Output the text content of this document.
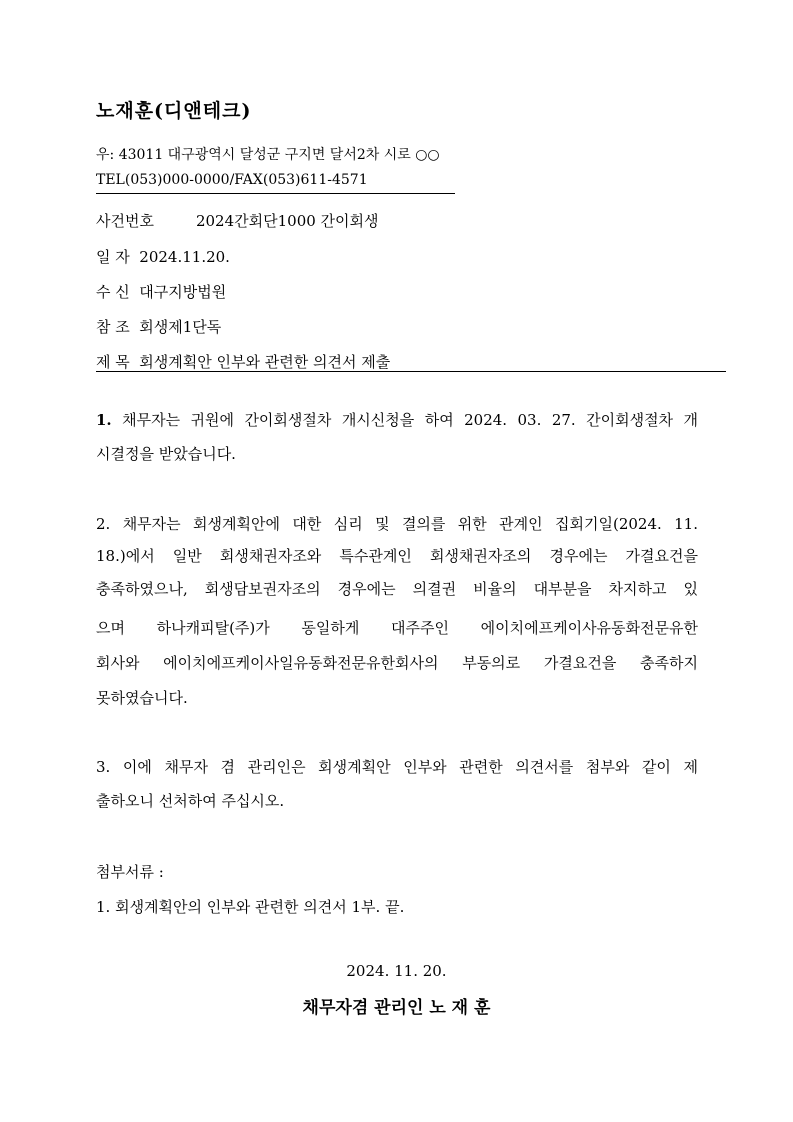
노재훈(디앤테크)
우: 43011 대구광역시 달성군 구지면 달서2차 시로 ○○
TEL(053)000-0000/FAX(053)611-4571
사건번호	2024간회단1000 간이회생
일 자 2024.11.20.
수 신 대구지방법원
참 조 회생제1단독
제 목 회생계획안 인부와 관련한 의견서 제출
1. 채무자는 귀원에 간이회생절차 개시신청을 하여 2024. 03. 27. 간이회생절차 개
시결정을 받았습니다.
2. 채무자는 회생계획안에 대한 심리 및 결의를 위한 관계인 집회기일(2024. 11.
18.)에서 일반 회생채권자조와 특수관계인 회생채권자조의 경우에는 가결요건을
충족하였으나, 회생담보권자조의 경우에는 의결권 비율의 대부분을 차지하고 있
으며 하나캐피탈(주)가 동일하게 대주주인 에이치에프케이사유동화전문유한
회사와 에이치에프케이사일유동화전문유한회사의 부동의로 가결요건을 충족하지
못하였습니다.
3. 이에 채무자 겸 관리인은 회생계획안 인부와 관련한 의견서를 첨부와 같이 제
출하오니 선처하여 주십시오.
첨부서류 :
1. 회생계획안의 인부와 관련한 의견서 1부. 끝.
2024. 11. 20.
채무자겸 관리인 노 재 훈
